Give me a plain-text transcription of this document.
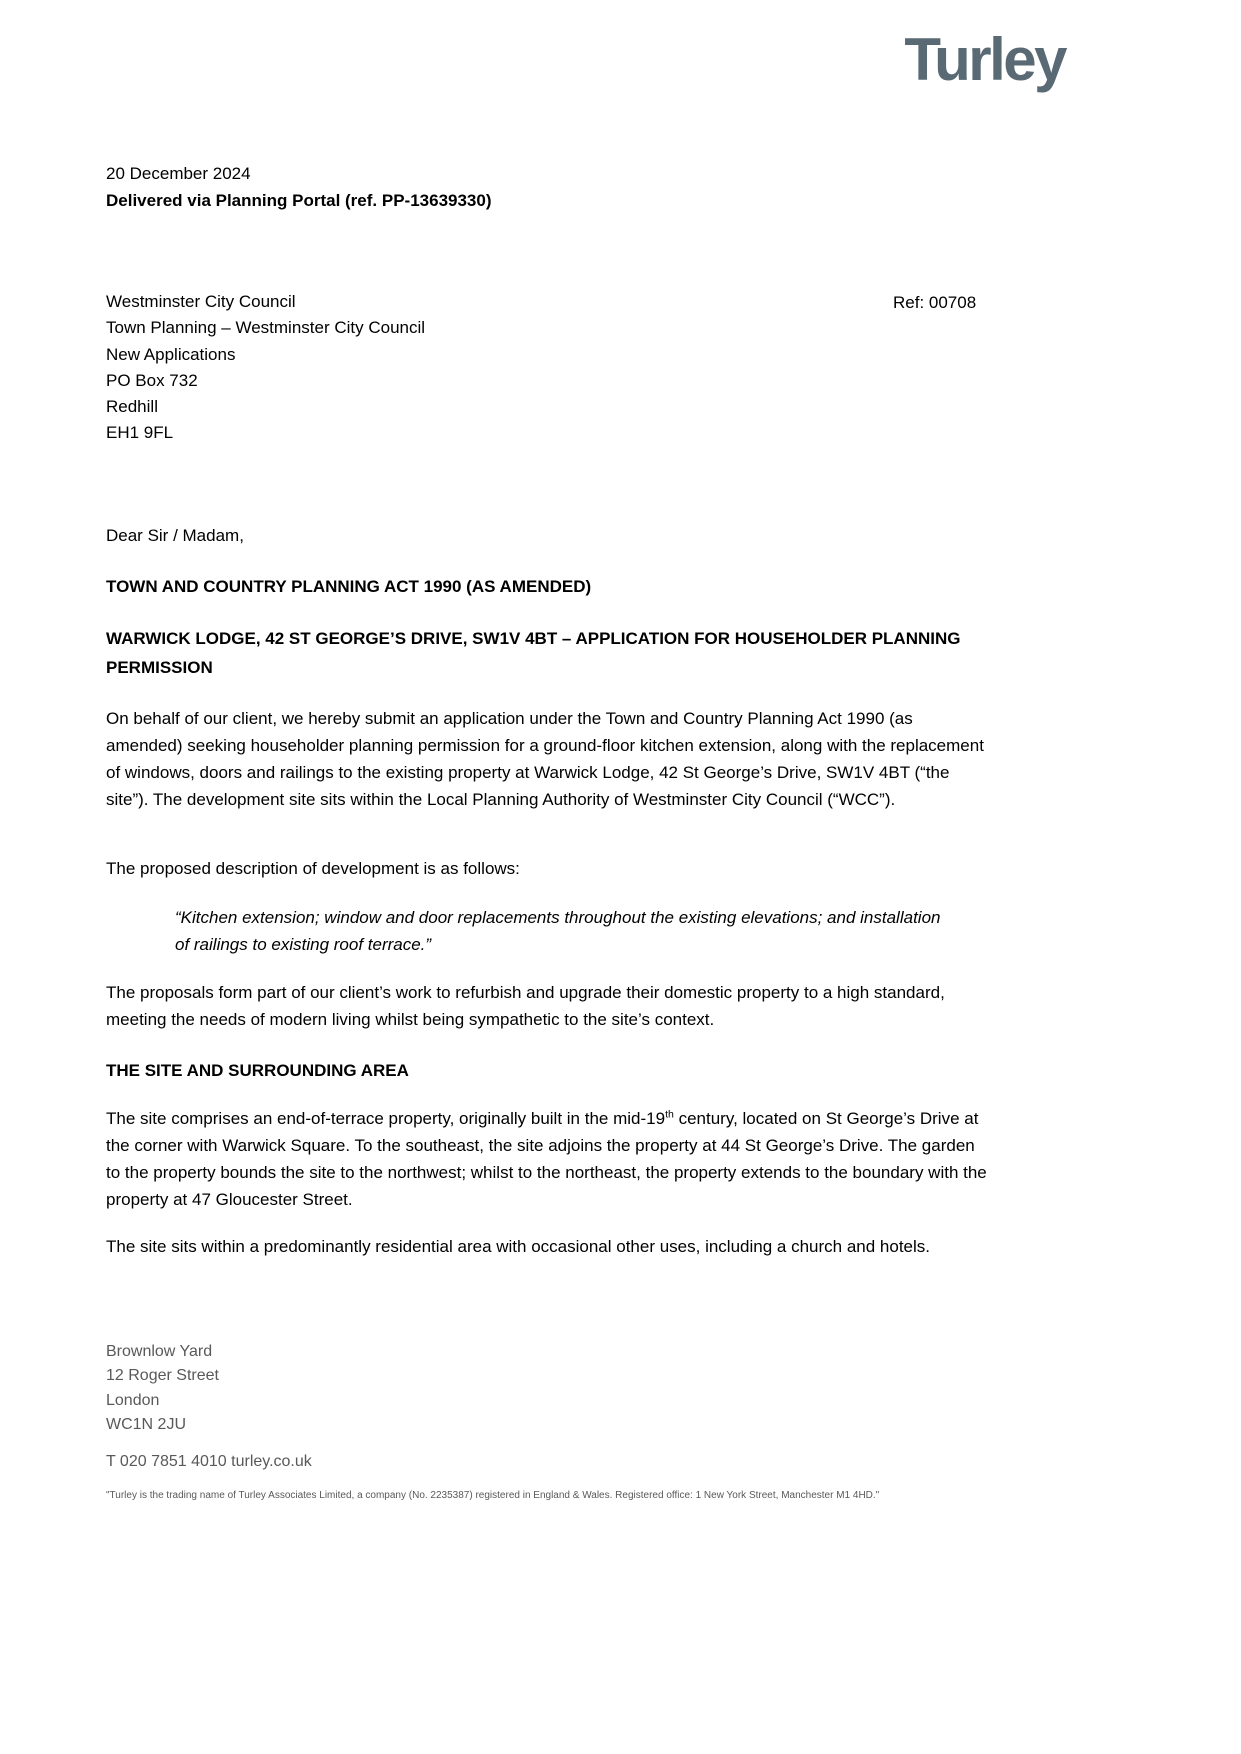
Turley
20 December 2024
Delivered via Planning Portal (ref. PP-13639330)
Ref: 00708
Westminster City Council
Town Planning – Westminster City Council
New Applications
PO Box 732
Redhill
EH1 9FL
Dear Sir / Madam,
TOWN AND COUNTRY PLANNING ACT 1990 (AS AMENDED)
WARWICK LODGE, 42 ST GEORGE’S DRIVE, SW1V 4BT – APPLICATION FOR HOUSEHOLDER PLANNING PERMISSION
On behalf of our client, we hereby submit an application under the Town and Country Planning Act 1990 (as amended) seeking householder planning permission for a ground-floor kitchen extension, along with the replacement of windows, doors and railings to the existing property at Warwick Lodge, 42 St George’s Drive, SW1V 4BT (“the site”). The development site sits within the Local Planning Authority of Westminster City Council (“WCC”).
The proposed description of development is as follows:
“Kitchen extension; window and door replacements throughout the existing elevations; and installation of railings to existing roof terrace.”
The proposals form part of our client’s work to refurbish and upgrade their domestic property to a high standard, meeting the needs of modern living whilst being sympathetic to the site’s context.
THE SITE AND SURROUNDING AREA
The site comprises an end-of-terrace property, originally built in the mid-19th century, located on St George’s Drive at the corner with Warwick Square. To the southeast, the site adjoins the property at 44 St George’s Drive. The garden to the property bounds the site to the northwest; whilst to the northeast, the property extends to the boundary with the property at 47 Gloucester Street.
The site sits within a predominantly residential area with occasional other uses, including a church and hotels.
Brownlow Yard
12 Roger Street
London
WC1N 2JU
T 020 7851 4010 turley.co.uk
"Turley is the trading name of Turley Associates Limited, a company (No. 2235387) registered in England & Wales. Registered office: 1 New York Street, Manchester M1 4HD."
